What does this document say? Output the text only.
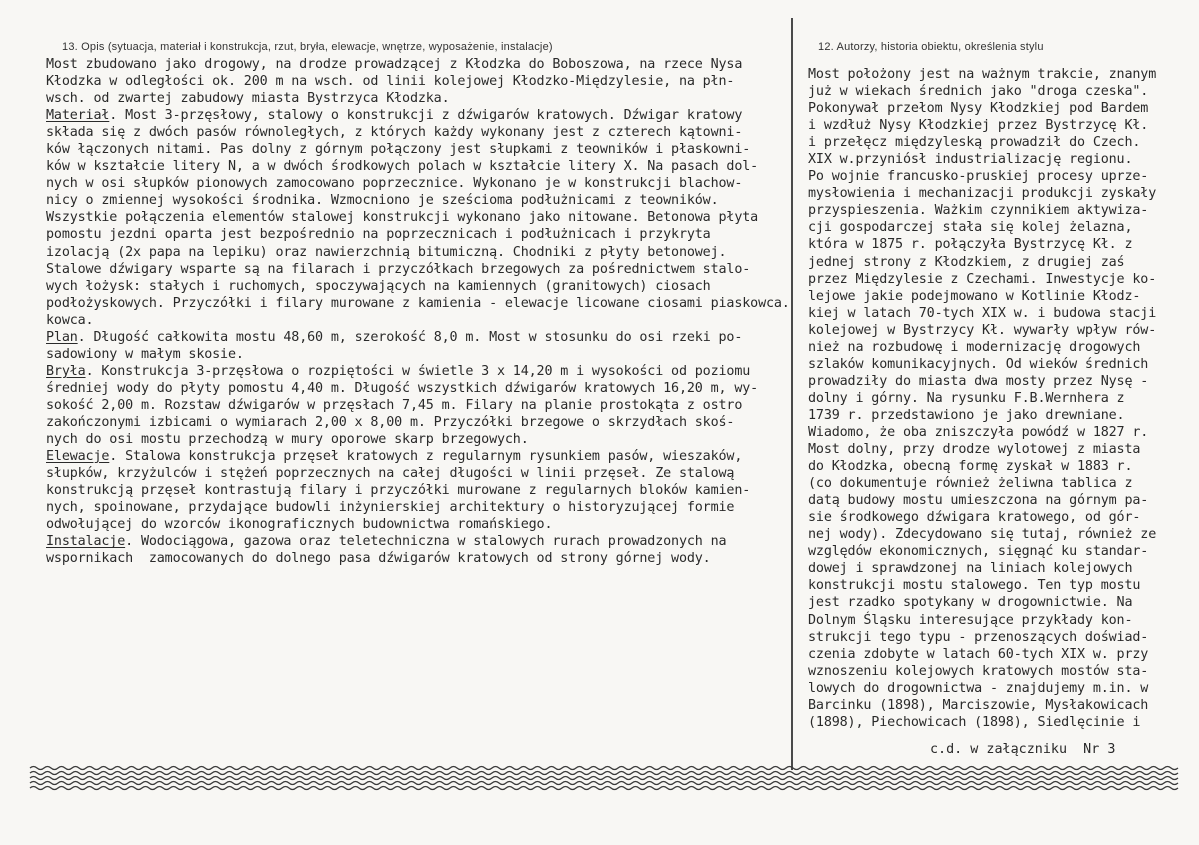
13. Opis (sytuacja, materiał i konstrukcja, rzut, bryła, elewacje, wnętrze, wyposażenie, instalacje)	12. Autorzy, historia obiektu, określenia stylu
Most zbudowano jako drogowy, na drodze prowadzącej z Kłodzka do Boboszowa, na rzece Nysa
Kłodzka w odległości ok. 200 m na wsch. od linii kolejowej Kłodzko-Międzylesie, na płn-
wsch. od zwartej zabudowy miasta Bystrzyca Kłodzka.
Materiał. Most 3-przęsłowy, stalowy o konstrukcji z dźwigarów kratowych. Dźwigar kratowy
składa się z dwóch pasów równoległych, z których każdy wykonany jest z czterech kątowni-
ków łączonych nitami. Pas dolny z górnym połączony jest słupkami z teowników i płaskowni-
ków w kształcie litery N, a w dwóch środkowych polach w kształcie litery X. Na pasach dol-
nych w osi słupków pionowych zamocowano poprzecznice. Wykonano je w konstrukcji blachow-
nicy o zmiennej wysokości środnika. Wzmocniono je sześcioma podłużnicami z teowników.
Wszystkie połączenia elementów stalowej konstrukcji wykonano jako nitowane. Betonowa płyta
pomostu jezdni oparta jest bezpośrednio na poprzecznicach i podłużnicach i przykryta
izolacją (2x papa na lepiku) oraz nawierzchnią bitumiczną. Chodniki z płyty betonowej.
Stalowe dźwigary wsparte są na filarach i przyczółkach brzegowych za pośrednictwem stalo-
wych łożysk: stałych i ruchomych, spoczywających na kamiennych (granitowych) ciosach
podłożyskowych. Przyczółki i filary murowane z kamienia - elewacje licowane ciosami piaskowca.
kowca.
Plan. Długość całkowita mostu 48,60 m, szerokość 8,0 m. Most w stosunku do osi rzeki po-
sadowiony w małym skosie.
Bryła. Konstrukcja 3-przęsłowa o rozpiętości w świetle 3 x 14,20 m i wysokości od poziomu
średniej wody do płyty pomostu 4,40 m. Długość wszystkich dźwigarów kratowych 16,20 m, wy-
sokość 2,00 m. Rozstaw dźwigarów w przęsłach 7,45 m. Filary na planie prostokąta z ostro
zakończonymi izbicami o wymiarach 2,00 x 8,00 m. Przyczółki brzegowe o skrzydłach skoś-
nych do osi mostu przechodzą w mury oporowe skarp brzegowych.
Elewacje. Stalowa konstrukcja przęseł kratowych z regularnym rysunkiem pasów, wieszaków,
słupków, krzyżulców i stężeń poprzecznych na całej długości w linii przęseł. Ze stalową
konstrukcją przęseł kontrastują filary i przyczółki murowane z regularnych bloków kamien-
nych, spoinowane, przydające budowli inżynierskiej architektury o historyzującej formie
odwołującej do wzorców ikonograficznych budownictwa romańskiego.
Instalacje. Wodociągowa, gazowa oraz teletechniczna w stalowych rurach prowadzonych na
wspornikach  zamocowanych do dolnego pasa dźwigarów kratowych od strony górnej wody.
Most położony jest na ważnym trakcie, znanym
już w wiekach średnich jako "droga czeska".
Pokonywał przełom Nysy Kłodzkiej pod Bardem
i wzdłuż Nysy Kłodzkiej przez Bystrzycę Kł.
i przełęcz międzyleską prowadził do Czech.
XIX w.przyniósł industrializację regionu.
Po wojnie francusko-pruskiej procesy uprze-
mysłowienia i mechanizacji produkcji zyskały
przyspieszenia. Ważkim czynnikiem aktywiza-
cji gospodarczej stała się kolej żelazna,
która w 1875 r. połączyła Bystrzycę Kł. z
jednej strony z Kłodzkiem, z drugiej zaś
przez Międzylesie z Czechami. Inwestycje ko-
lejowe jakie podejmowano w Kotlinie Kłodz-
kiej w latach 70-tych XIX w. i budowa stacji
kolejowej w Bystrzycy Kł. wywarły wpływ rów-
nież na rozbudowę i modernizację drogowych
szlaków komunikacyjnych. Od wieków średnich
prowadziły do miasta dwa mosty przez Nysę -
dolny i górny. Na rysunku F.B.Wernhera z
1739 r. przedstawiono je jako drewniane.
Wiadomo, że oba zniszczyła powódź w 1827 r.
Most dolny, przy drodze wylotowej z miasta
do Kłodzka, obecną formę zyskał w 1883 r.
(co dokumentuje również żeliwna tablica z
datą budowy mostu umieszczona na górnym pa-
sie środkowego dźwigara kratowego, od gór-
nej wody). Zdecydowano się tutaj, również ze
względów ekonomicznych, sięgnąć ku standar-
dowej i sprawdzonej na liniach kolejowych
konstrukcji mostu stalowego. Ten typ mostu
jest rzadko spotykany w drogownictwie. Na
Dolnym Śląsku interesujące przykłady kon-
strukcji tego typu - przenoszących doświad-
czenia zdobyte w latach 60-tych XIX w. przy
wznoszeniu kolejowych kratowych mostów sta-
lowych do drogownictwa - znajdujemy m.in. w
Barcinku (1898), Marciszowie, Mysłakowicach
(1898), Piechowicach (1898), Siedlęcinie i
c.d. w załączniku  Nr 3
